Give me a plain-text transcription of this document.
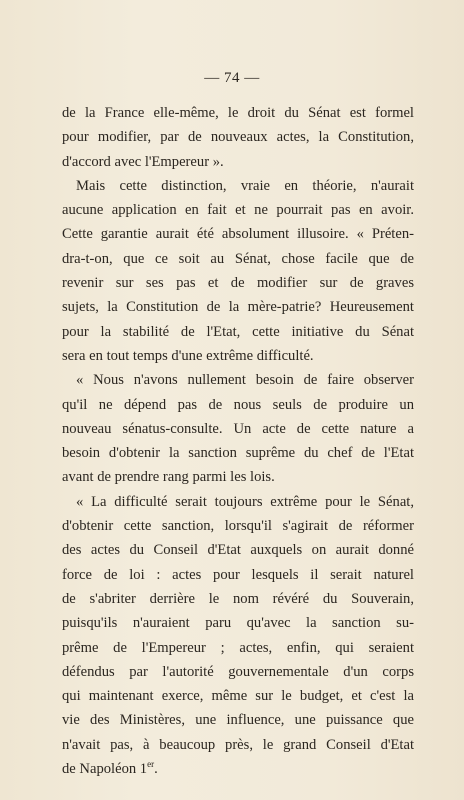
— 74 —
de la France elle-même, le droit du Sénat est formel
pour modifier, par de nouveaux actes, la Constitution,
d'accord avec l'Empereur ».
Mais cette distinction, vraie en théorie, n'aurait
aucune application en fait et ne pourrait pas en avoir.
Cette garantie aurait été absolument illusoire. « Préten-
dra-t-on, que ce soit au Sénat, chose facile que de
revenir sur ses pas et de modifier sur de graves
sujets, la Constitution de la mère-patrie? Heureusement
pour la stabilité de l'Etat, cette initiative du Sénat
sera en tout temps d'une extrême difficulté.
« Nous n'avons nullement besoin de faire observer
qu'il ne dépend pas de nous seuls de produire un
nouveau sénatus-consulte. Un acte de cette nature a
besoin d'obtenir la sanction suprême du chef de l'Etat
avant de prendre rang parmi les lois.
« La difficulté serait toujours extrême pour le Sénat,
d'obtenir cette sanction, lorsqu'il s'agirait de réformer
des actes du Conseil d'Etat auxquels on aurait donné
force de loi : actes pour lesquels il serait naturel
de s'abriter derrière le nom révéré du Souverain,
puisqu'ils n'auraient paru qu'avec la sanction su-
prême de l'Empereur ; actes, enfin, qui seraient
défendus par l'autorité gouvernementale d'un corps
qui maintenant exerce, même sur le budget, et c'est la
vie des Ministères, une influence, une puissance que
n'avait pas, à beaucoup près, le grand Conseil d'Etat
de Napoléon 1er.
